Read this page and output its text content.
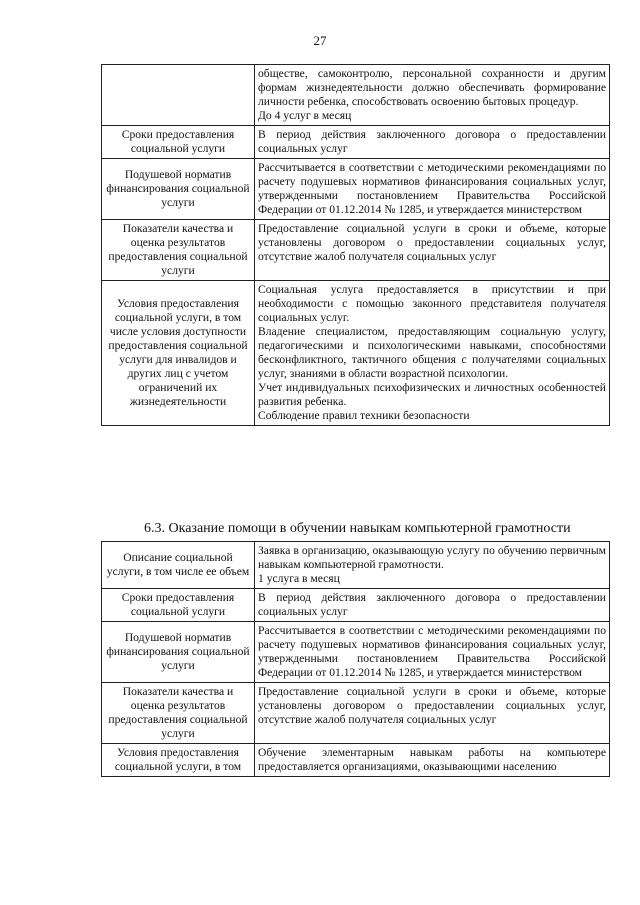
27

	обществе, самоконтролю, персональной сохранности и другим формам жизнедеятельности должно обеспечивать формирование личности ребенка, способствовать освоению бытовых процедур.

До 4 услуг в месяц

Сроки предоставления социальной услуги	В период действия заключенного договора о предоставлении социальных услуг

Подушевой норматив финансирования социальной услуги	Рассчитывается в соответствии с методическими рекомендациями по расчету подушевых нормативов финансирования социальных услуг, утвержденными постановлением Правительства Российской Федерации от 01.12.2014 № 1285, и утверждается министерством

Показатели качества и оценка результатов предоставления социальной услуги	Предоставление социальной услуги в сроки и объеме, которые установлены договором о предоставлении социальных услуг, отсутствие жалоб получателя социальных услуг

Условия предоставления социальной услуги, в том числе условия доступности предоставления социальной услуги для инвалидов и других лиц с учетом ограничений их жизнедеятельности	Социальная услуга предоставляется в присутствии и при необходимости с помощью законного представителя получателя социальных услуг.

Владение специалистом, предоставляющим социальную услугу, педагогическими и психологическими навыками, способностями бесконфликтного, тактичного общения с получателями социальных услуг, знаниями в области возрастной психологии.

Учет индивидуальных психофизических и личностных особенностей развития ребенка.

Соблюдение правил техники безопасности

6.3. Оказание помощи в обучении навыкам компьютерной грамотности
Описание социальной услуги, в том числе ее объем	Заявка в организацию, оказывающую услугу по обучению первичным навыкам компьютерной грамотности.

1 услуга в месяц

Сроки предоставления социальной услуги	В период действия заключенного договора о предоставлении социальных услуг

Подушевой норматив финансирования социальной услуги	Рассчитывается в соответствии с методическими рекомендациями по расчету подушевых нормативов финансирования социальных услуг, утвержденными постановлением Правительства Российской Федерации от 01.12.2014 № 1285, и утверждается министерством

Показатели качества и оценка результатов предоставления социальной услуги	Предоставление социальной услуги в сроки и объеме, которые установлены договором о предоставлении социальных услуг, отсутствие жалоб получателя социальных услуг

Условия предоставления социальной услуги, в том	Обучение элементарным навыкам работы на компьютере предоставляется организациями, оказывающими населению
